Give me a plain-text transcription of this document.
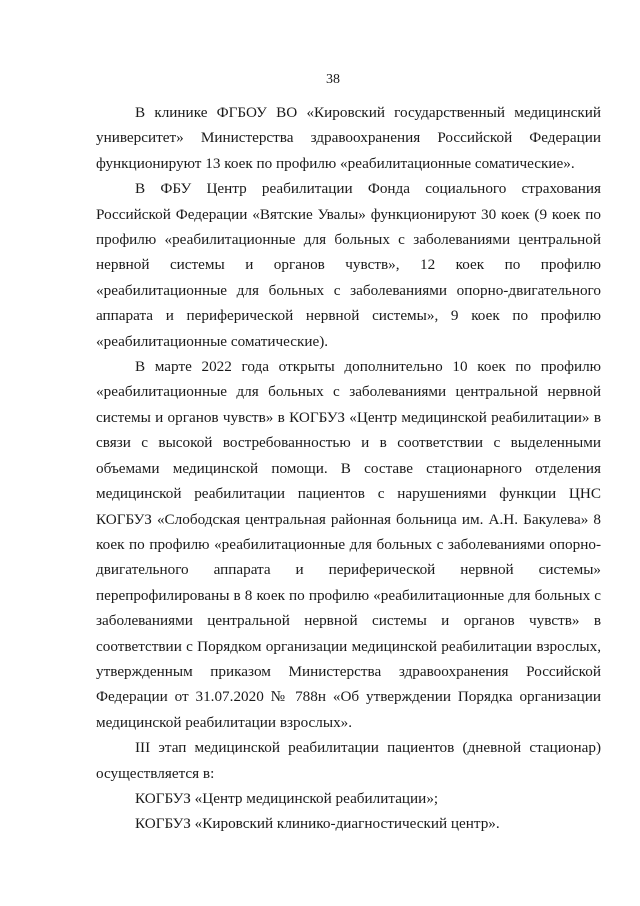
38

В клинике ФГБОУ ВО «Кировский государственный медицинский университет» Министерства здравоохранения Российской Федерации функционируют 13 коек по профилю «реабилитационные соматические».

В ФБУ Центр реабилитации Фонда социального страхования Российской Федерации «Вятские Увалы» функционируют 30 коек (9 коек по профилю «реабилитационные для больных с заболеваниями центральной нервной системы и органов чувств», 12 коек по профилю «реабилитационные для больных с заболеваниями опорно-двигательного аппарата и периферической нервной системы», 9 коек по профилю «реабилитационные соматические).

В марте 2022 года открыты дополнительно 10 коек по профилю «реабилитационные для больных с заболеваниями центральной нервной системы и органов чувств» в КОГБУЗ «Центр медицинской реабилитации» в связи с высокой востребованностью и в соответствии с выделенными объемами медицинской помощи. В составе стационарного отделения медицинской реабилитации пациентов с нарушениями функции ЦНС КОГБУЗ «Слободская центральная районная больница им. А.Н. Бакулева» 8 коек по профилю «реабилитационные для больных с заболеваниями опорно-двигательного аппарата и периферической нервной системы» перепрофилированы в 8 коек по профилю «реабилитационные для больных с заболеваниями центральной нервной системы и органов чувств» в соответствии с Порядком организации медицинской реабилитации взрослых, утвержденным приказом Министерства здравоохранения Российской Федерации от 31.07.2020 № 788н «Об утверждении Порядка организации медицинской реабилитации взрослых».

III этап медицинской реабилитации пациентов (дневной стационар) осуществляется в:

КОГБУЗ «Центр медицинской реабилитации»;

КОГБУЗ «Кировский клинико-диагностический центр».
